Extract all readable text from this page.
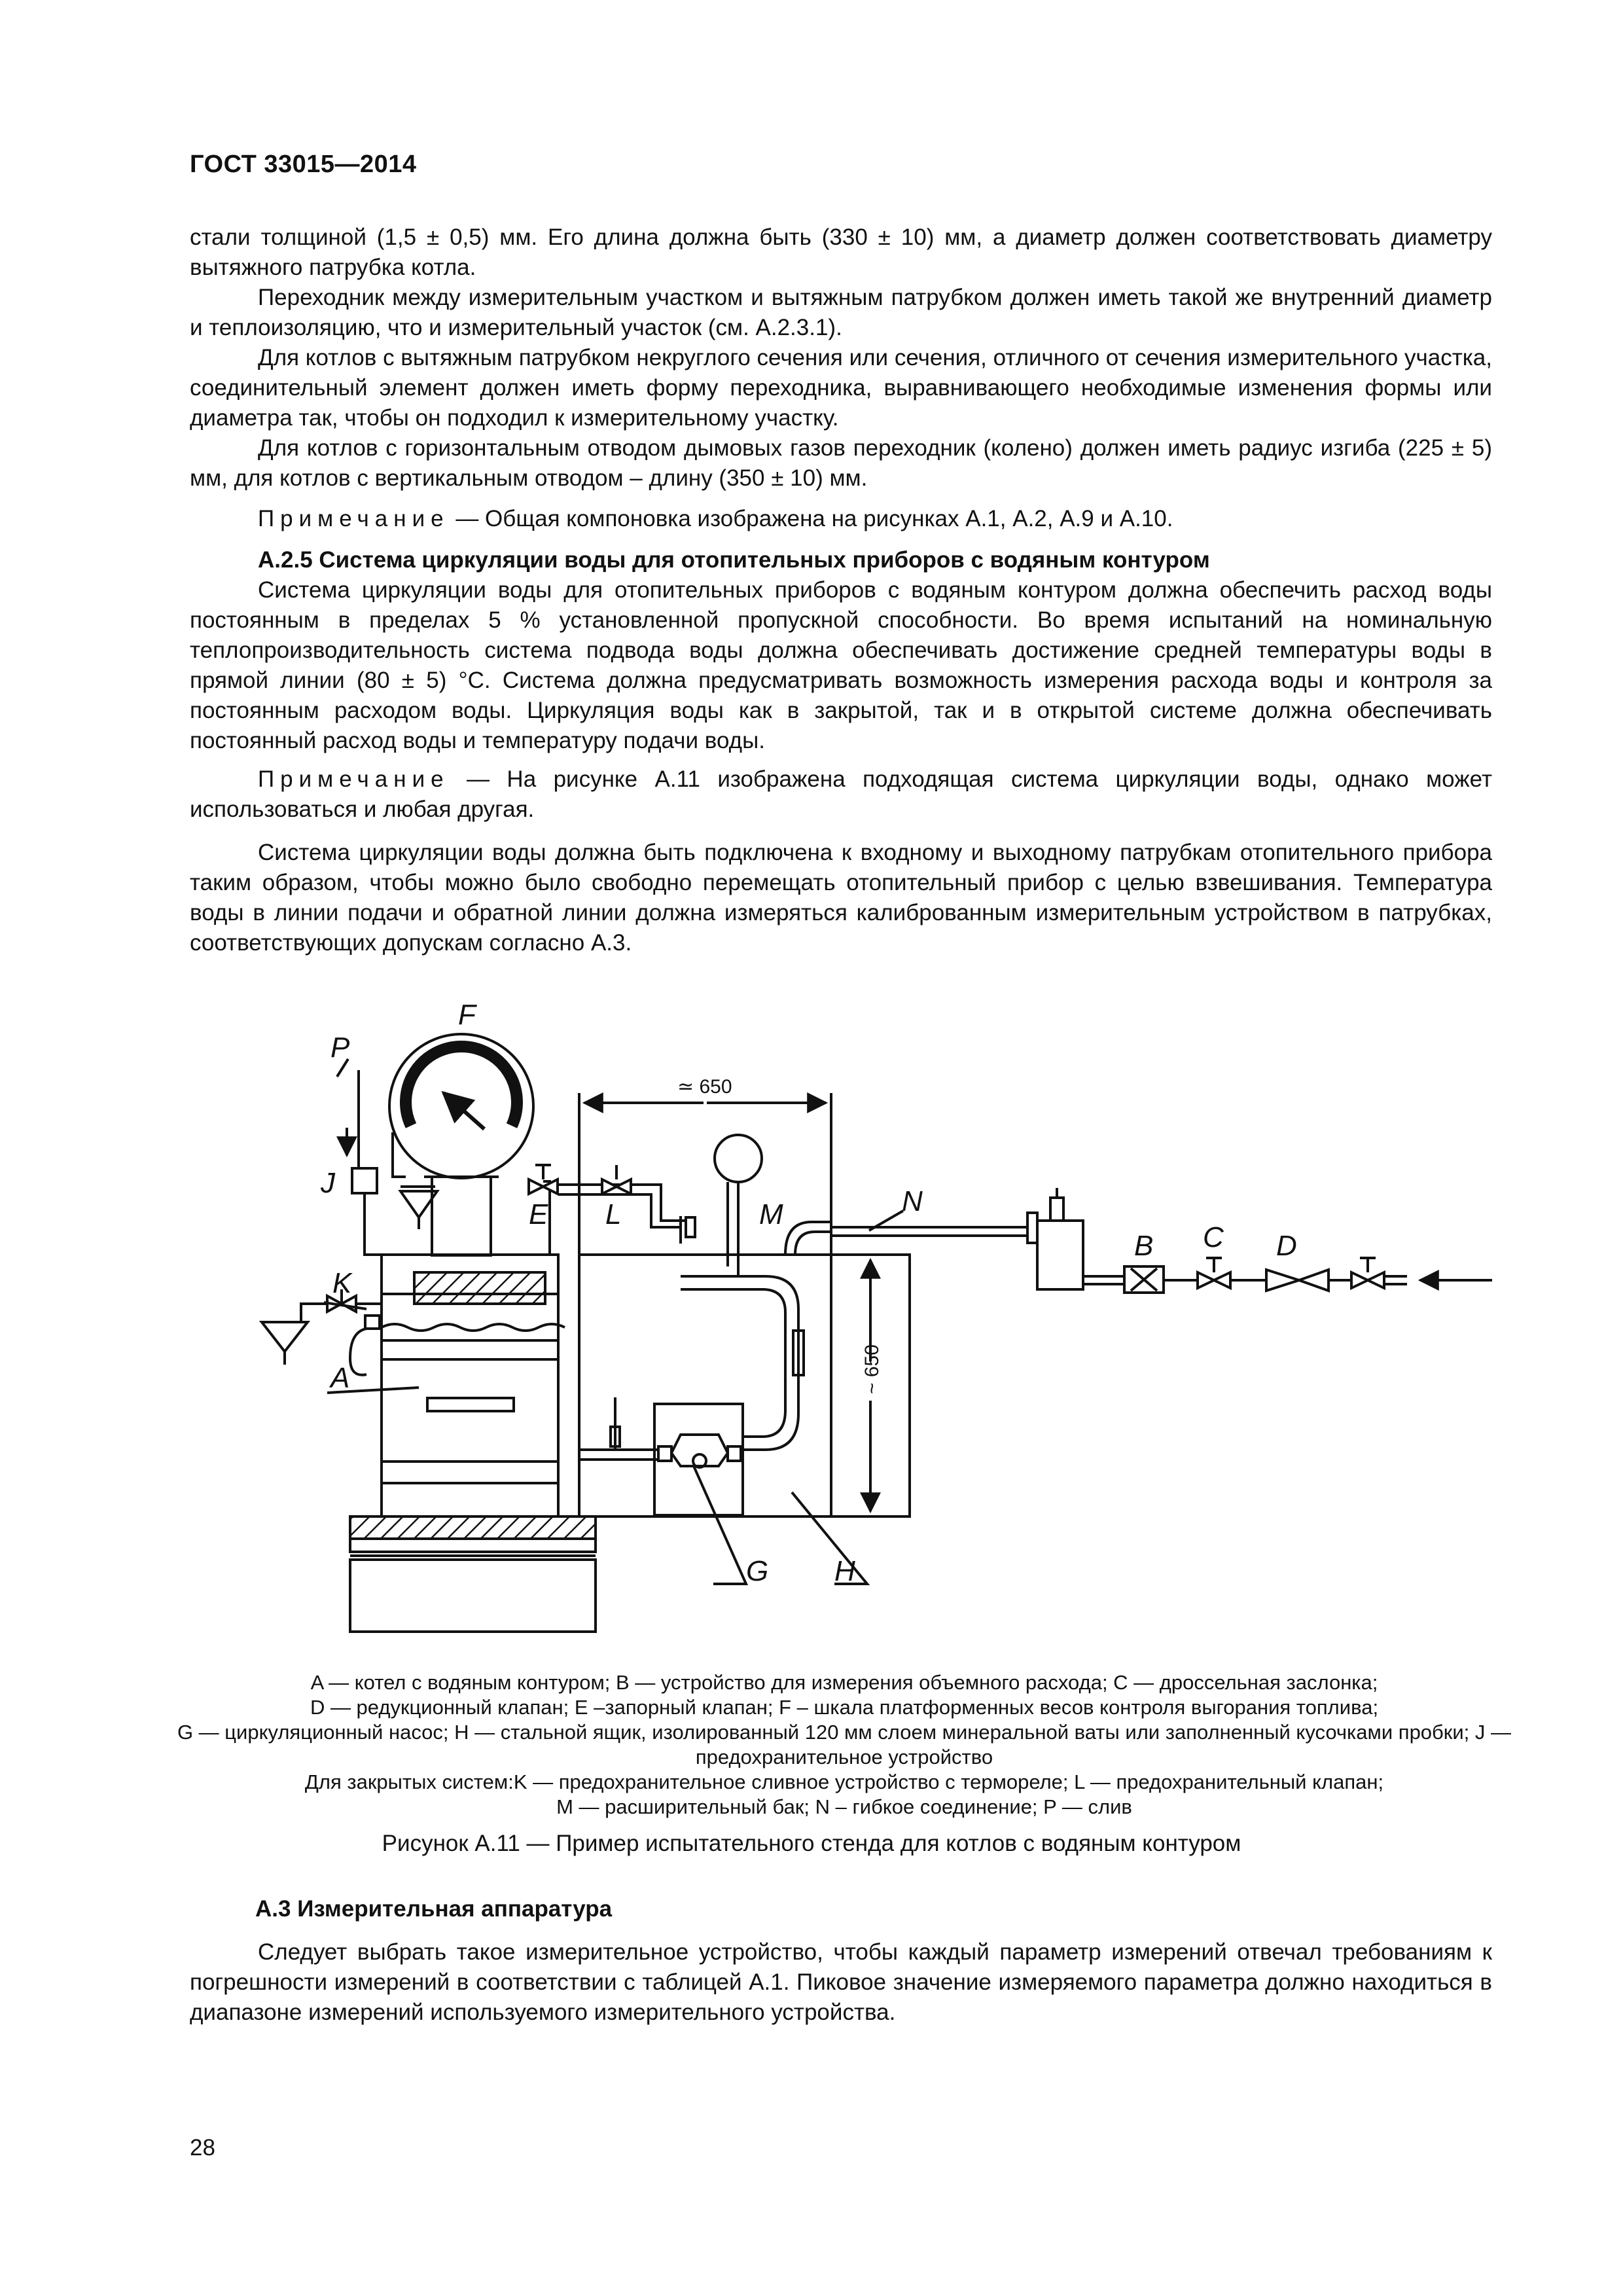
ГОСТ 33015—2014

стали толщиной (1,5 ± 0,5) мм. Его длина должна быть (330 ± 10) мм, а диаметр должен соответствовать диаметру вытяжного патрубка котла.

Переходник между измерительным участком и вытяжным патрубком должен иметь такой же внутренний диаметр и теплоизоляцию, что и измерительный участок (см. А.2.3.1).

Для котлов с вытяжным патрубком некруглого сечения или сечения, отличного от сечения измерительного участка, соединительный элемент должен иметь форму переходника, выравнивающего необходимые изменения формы или диаметра так, чтобы он подходил к измерительному участку.

Для котлов с горизонтальным отводом дымовых газов переходник (колено) должен иметь радиус изгиба (225 ± 5) мм, для котлов с вертикальным отводом – длину (350 ± 10) мм.

Примечание — Общая компоновка изображена на рисунках А.1, А.2, А.9 и А.10.

А.2.5 Система циркуляции воды для отопительных приборов с водяным контуром

Система циркуляции воды для отопительных приборов с водяным контуром должна обеспечить расход воды постоянным в пределах 5 % установленной пропускной способности. Во время испытаний на номинальную теплопроизводительность система подвода воды должна обеспечивать достижение средней температуры воды в прямой линии (80 ± 5) °С. Система должна предусматривать возможность измерения расхода воды и контроля за постоянным расходом воды. Циркуляция воды как в закрытой, так и в открытой системе должна обеспечивать постоянный расход воды и температуру подачи воды.

Примечание — На рисунке А.11 изображена подходящая система циркуляции воды, однако может использоваться и любая другая.

Система циркуляции воды должна быть подключена к входному и выходному патрубкам отопительного прибора таким образом, чтобы можно было свободно перемещать отопительный прибор с целью взвешивания. Температура воды в линии подачи и обратной линии должна измеряться калиброванным измерительным устройством в патрубках, соответствующих допускам согласно А.3.

F
P
J
E L	M	N
K
B C D
A
G H
≃ 650
~ 650

A — котел с водяным контуром; B — устройство для измерения объемного расхода; C — дроссельная заслонка;

D — редукционный клапан; E –запорный клапан; F – шкала платформенных весов контроля выгорания топлива;

G — циркуляционный насос; H — стальной ящик, изолированный 120 мм слоем минеральной ваты или заполненный кусочками пробки; J — предохранительное устройство

Для закрытых систем:K — предохранительное сливное устройство с термореле; L — предохранительный клапан;

M — расширительный бак; N – гибкое соединение; P — слив

Рисунок А.11 — Пример испытательного стенда для котлов с водяным контуром
А.3 Измерительная аппаратура

Следует выбрать такое измерительное устройство, чтобы каждый параметр измерений отвечал требованиям к погрешности измерений в соответствии с таблицей А.1. Пиковое значение измеряемого параметра должно находиться в диапазоне измерений используемого измерительного устройства.

28
